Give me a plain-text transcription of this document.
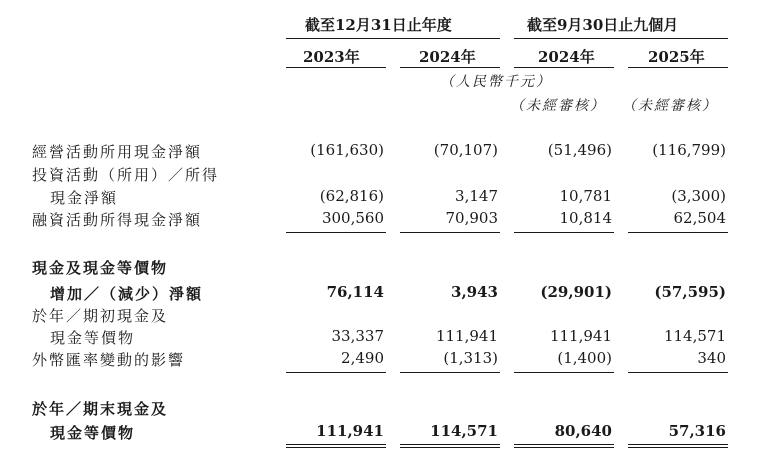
截至12月31日止年度	截至9月30日止九個月
2023年	2024年	2024年	2025年
（人民幣千元）
（未經審核） （未經審核）
經營活動所用現金淨額	(161,630)	(70,107)	(51,496)	(116,799)
投資活動（所用）／所得
現金淨額	(62,816)	3,147	10,781	(3,300)
融資活動所得現金淨額	300,560	70,903	10,814	62,504
現金及現金等價物
增加／（減少）淨額	76,114	3,943	(29,901)	(57,595)
於年／期初現金及
現金等價物	33,337	111,941	111,941	114,571
外幣匯率變動的影響	2,490	(1,313)	(1,400)	340
於年／期末現金及
現金等價物	111,941	114,571	80,640	57,316
